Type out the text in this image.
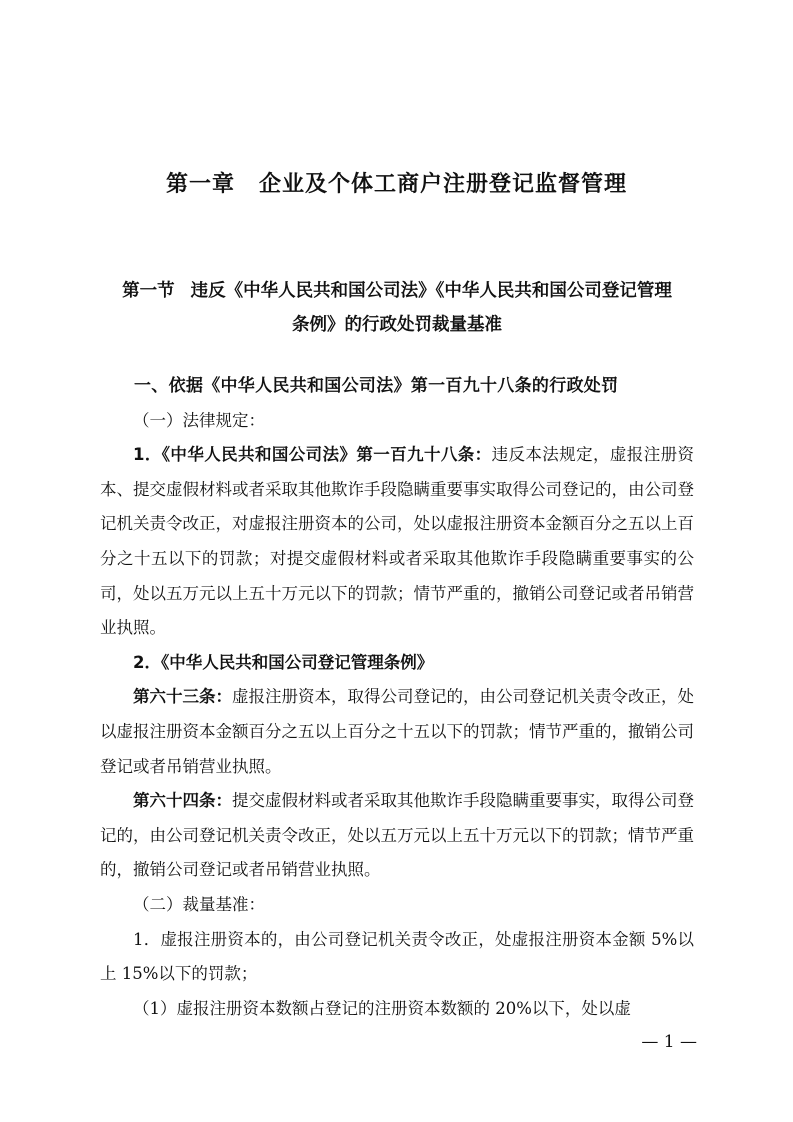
第一章 企业及个体工商户注册登记监督管理
第一节 违反《中华人民共和国公司法》《中华人民共和国公司登记管理
条例》的行政处罚裁量基准

一、依据《中华人民共和国公司法》第一百九十八条的行政处罚

（一）法律规定：

1．《中华人民共和国公司法》第一百九十八条：违反本法规定，虚报注册资本、提交虚假材料或者采取其他欺诈手段隐瞒重要事实取得公司登记的，由公司登记机关责令改正，对虚报注册资本的公司，处以虚报注册资本金额百分之五以上百分之十五以下的罚款；对提交虚假材料或者采取其他欺诈手段隐瞒重要事实的公司，处以五万元以上五十万元以下的罚款；情节严重的，撤销公司登记或者吊销营业执照。

2．《中华人民共和国公司登记管理条例》

第六十三条：虚报注册资本，取得公司登记的，由公司登记机关责令改正，处以虚报注册资本金额百分之五以上百分之十五以下的罚款；情节严重的，撤销公司登记或者吊销营业执照。

第六十四条：提交虚假材料或者采取其他欺诈手段隐瞒重要事实，取得公司登记的，由公司登记机关责令改正，处以五万元以上五十万元以下的罚款；情节严重的，撤销公司登记或者吊销营业执照。

（二）裁量基准：

1．虚报注册资本的，由公司登记机关责令改正，处虚报注册资本金额 5%以上 15%以下的罚款；

（1）虚报注册资本数额占登记的注册资本数额的 20%以下，处以虚

— 1 —
